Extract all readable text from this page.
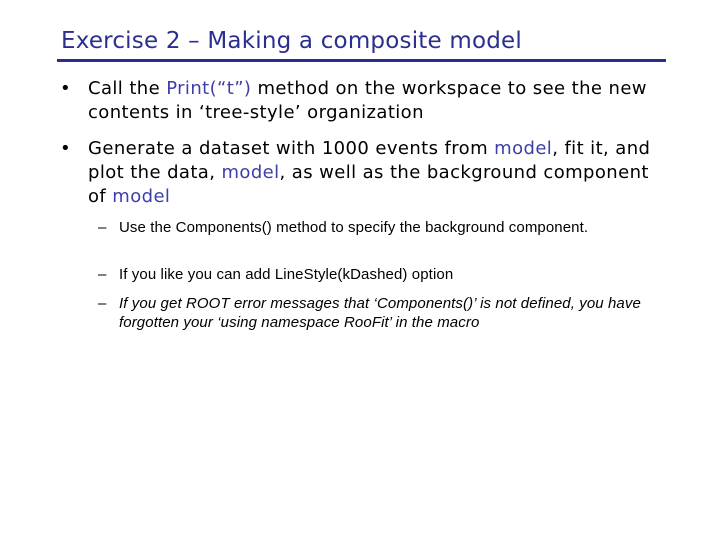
Exercise 2 – Making a composite model
• Call the Print(“t”) method on the workspace to see the new contents in ‘tree-style’ organization
• Generate a dataset with 1000 events from model, fit it, and plot the data, model, as well as the background component of model
– Use the Components() method to specify the background component.
– If you like you can add LineStyle(kDashed) option
– If you get ROOT error messages that ‘Components()’ is not defined, you have forgotten your ‘using namespace RooFit’ in the macro
